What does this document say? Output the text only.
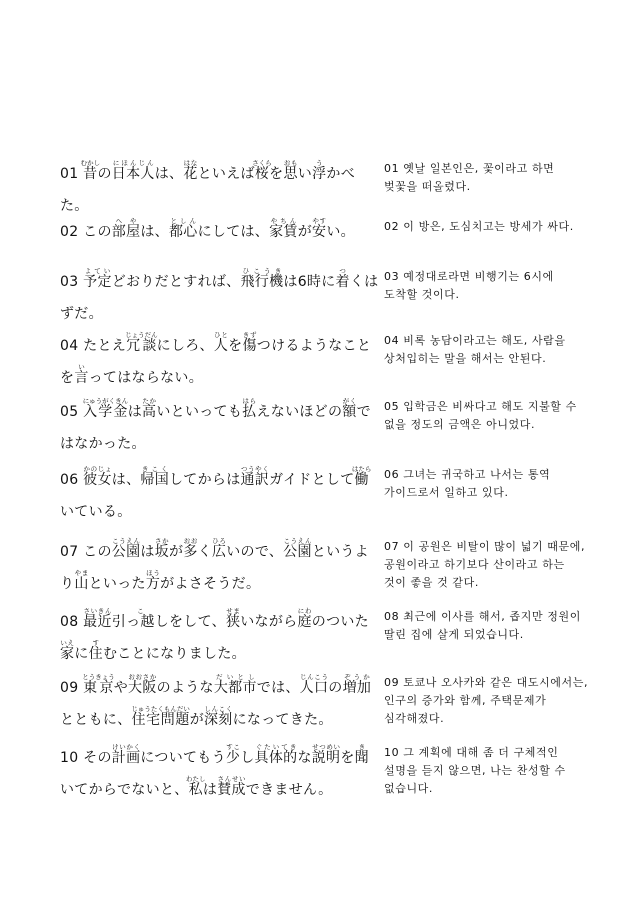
01 昔むかしの日本人にほんじんは、花はなといえば桜さくらを思おもい浮うかべた。
01 옛날 일본인은, 꽃이라고 하면 벚꽃을 떠올렸다.
02 この部屋へやは、都心としんにしては、家賃やちんが安やすい。	02 이 방은, 도심치고는 방세가 싸다.
03 予定よていどおりだとすれば、飛行機ひこうきは6時に着つくはずだ。
03 예정대로라면 비행기는 6시에 도착할 것이다.
04 たとえ冗談じょうだんにしろ、人ひとを傷きずつけるようなことを言いってはならない。
04 비록 농담이라고는 해도, 사람을 상처입히는 말을 해서는 안된다.
05 入学金にゅうがくきんは高たかいといっても払はらえないほどの額がくではなかった。
05 입학금은 비싸다고 해도 지불할 수 없을 정도의 금액은 아니었다.
06 彼女かのじょは、帰国きこくしてからは通訳つうやくガイドとして働はたらいている。
06 그녀는 귀국하고 나서는 통역 가이드로서 일하고 있다.
07 この公園こうえんは坂さかが多おおく広ひろいので、公園こうえんというより山やまといった方ほうがよさそうだ。
07 이 공원은 비탈이 많이 넓기 때문에, 공원이라고 하기보다 산이라고 하는 것이 좋을 것 같다.
08 最近さいきん引っ越こしをして、狭せまいながら庭にわのついた家いえに住すむことになりました。
08 최근에 이사를 해서, 좁지만 정원이 딸린 집에 살게 되었습니다.
09 東京とうきょうや大阪おおさかのような大都市だいとしでは、人口じんこうの増加ぞうかとともに、住宅問題じゅうたくもんだいが深刻しんこくになってきた。
09 토쿄나 오사카와 같은 대도시에서는, 인구의 증가와 함께, 주택문제가 심각해졌다.
10 その計画けいかくについてもう少すこし具体的ぐたいてきな説明せつめいを聞きいてからでないと、私わたしは賛成さんせいできません。
10 그 계획에 대해 좀 더 구체적인 설명을 듣지 않으면, 나는 찬성할 수 없습니다.
